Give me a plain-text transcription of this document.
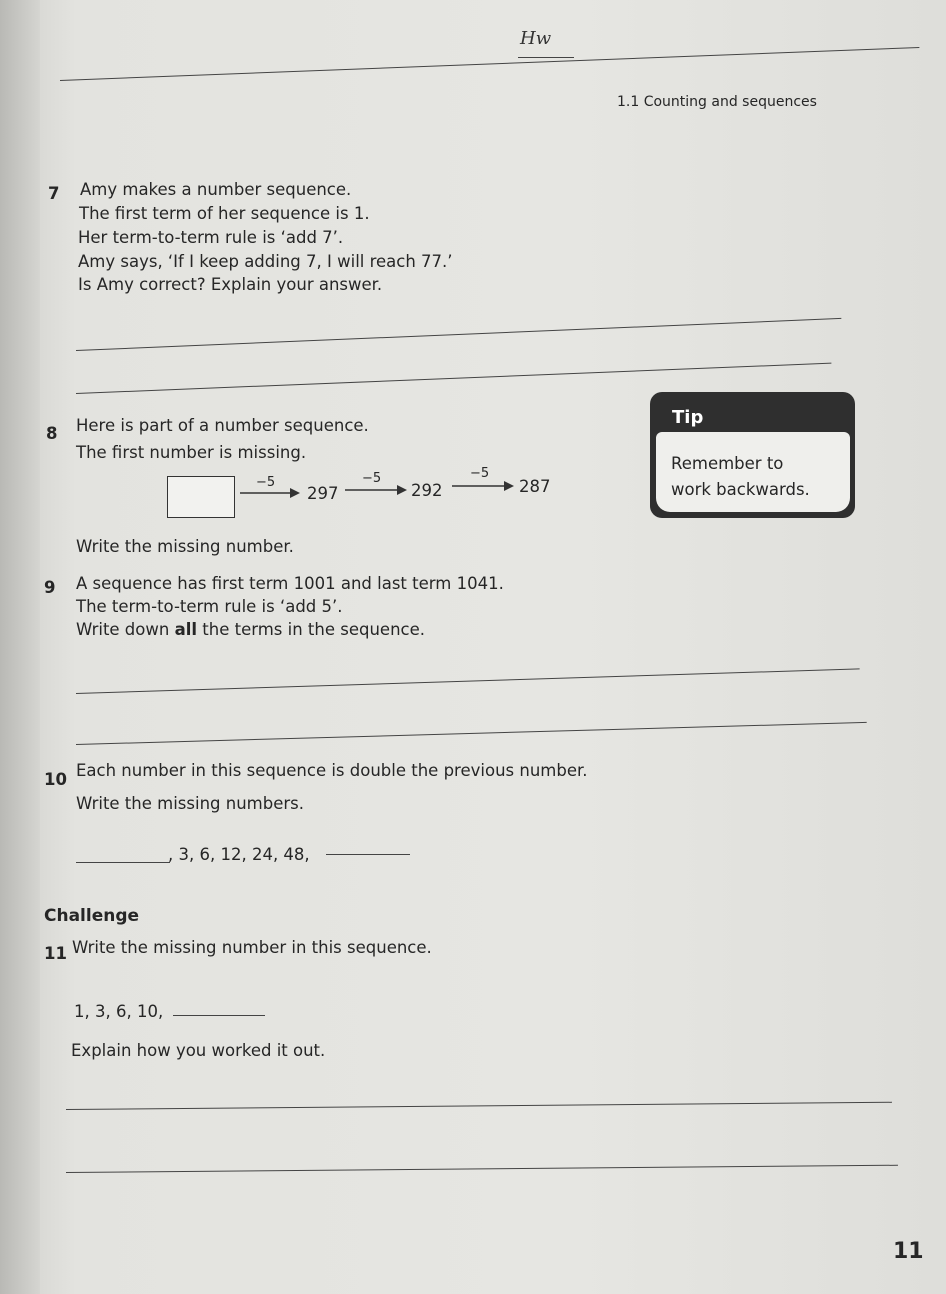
Hw
1.1 Counting and sequences
7 Amy makes a number sequence.
The first term of her sequence is 1.
Her term-to-term rule is ‘add 7’.
Amy says, ‘If I keep adding 7, I will reach 77.’
Is Amy correct? Explain your answer.
8 Here is part of a number sequence.
The first number is missing.
−5
297
−5
292
−5
287
Write the missing number.
Tip
Remember to
work backwards.
9 A sequence has first term 1001 and last term 1041.
The term-to-term rule is ‘add 5’.
Write down all the terms in the sequence.
10 Each number in this sequence is double the previous number.
Write the missing numbers.
, 3, 6, 12, 24, 48,
Challenge
11 Write the missing number in this sequence.
1, 3, 6, 10,
Explain how you worked it out.
11
